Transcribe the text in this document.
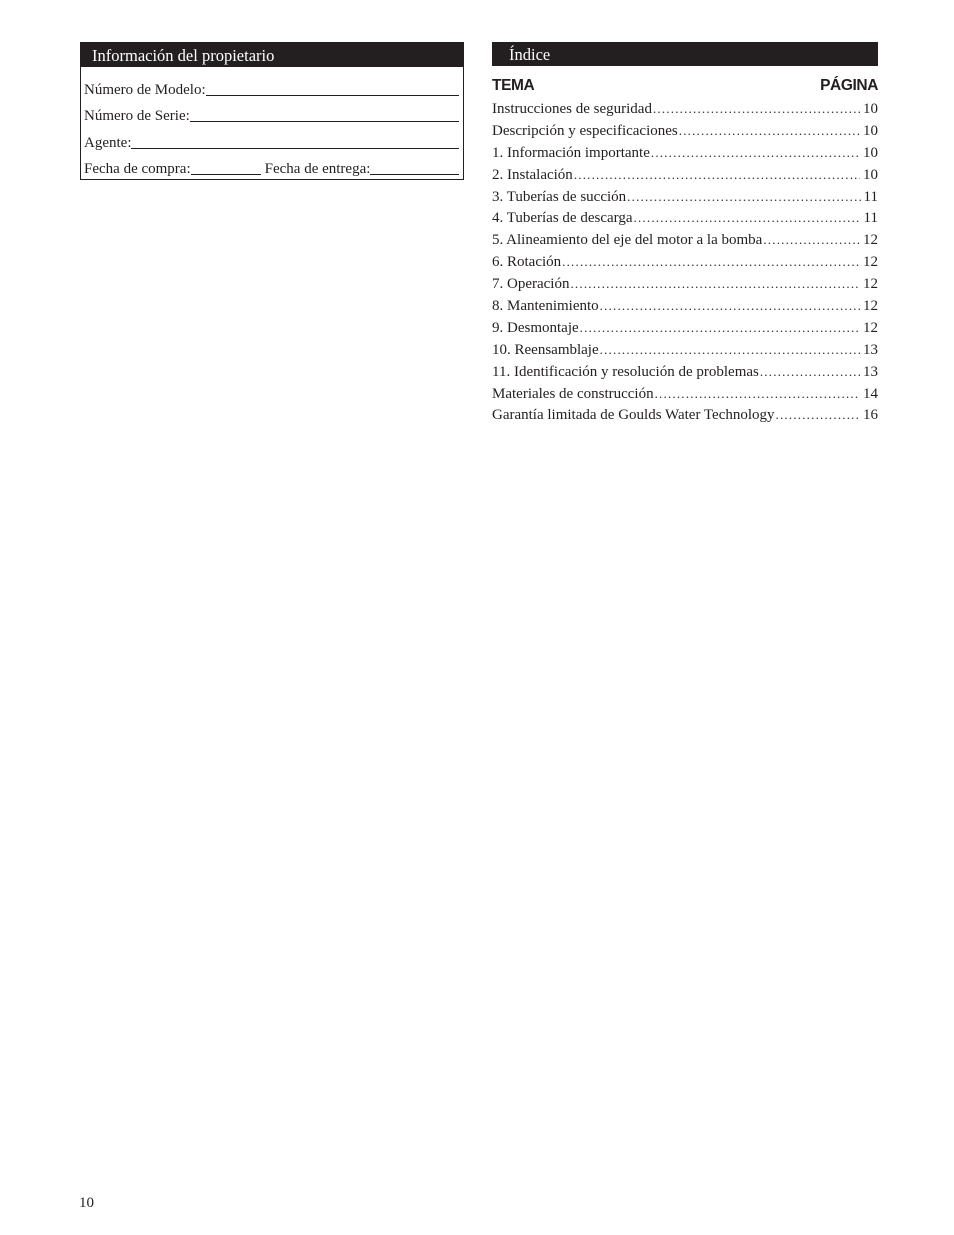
Información del propietario
Número de Modelo:
Número de Serie:
Agente:
Fecha de compra:	Fecha de entrega:
Índice
TEMA	PÁGINA
Instrucciones de seguridad .....	10
Descripción y especificaciones .....	10
1. Información importante .....	10
2. Instalación .....	10
3. Tuberías de succión .....	11
4. Tuberías de descarga .....	11
5. Alineamiento del eje del motor a la bomba .....	12
6. Rotación .....	12
7. Operación .....	12
8. Mantenimiento .....	12
9. Desmontaje .....	12
10. Reensamblaje .....	13
11. Identificación y resolución de problemas .....	13
Materiales de construcción .....	14
Garantía limitada de Goulds Water Technology .....	16
10
